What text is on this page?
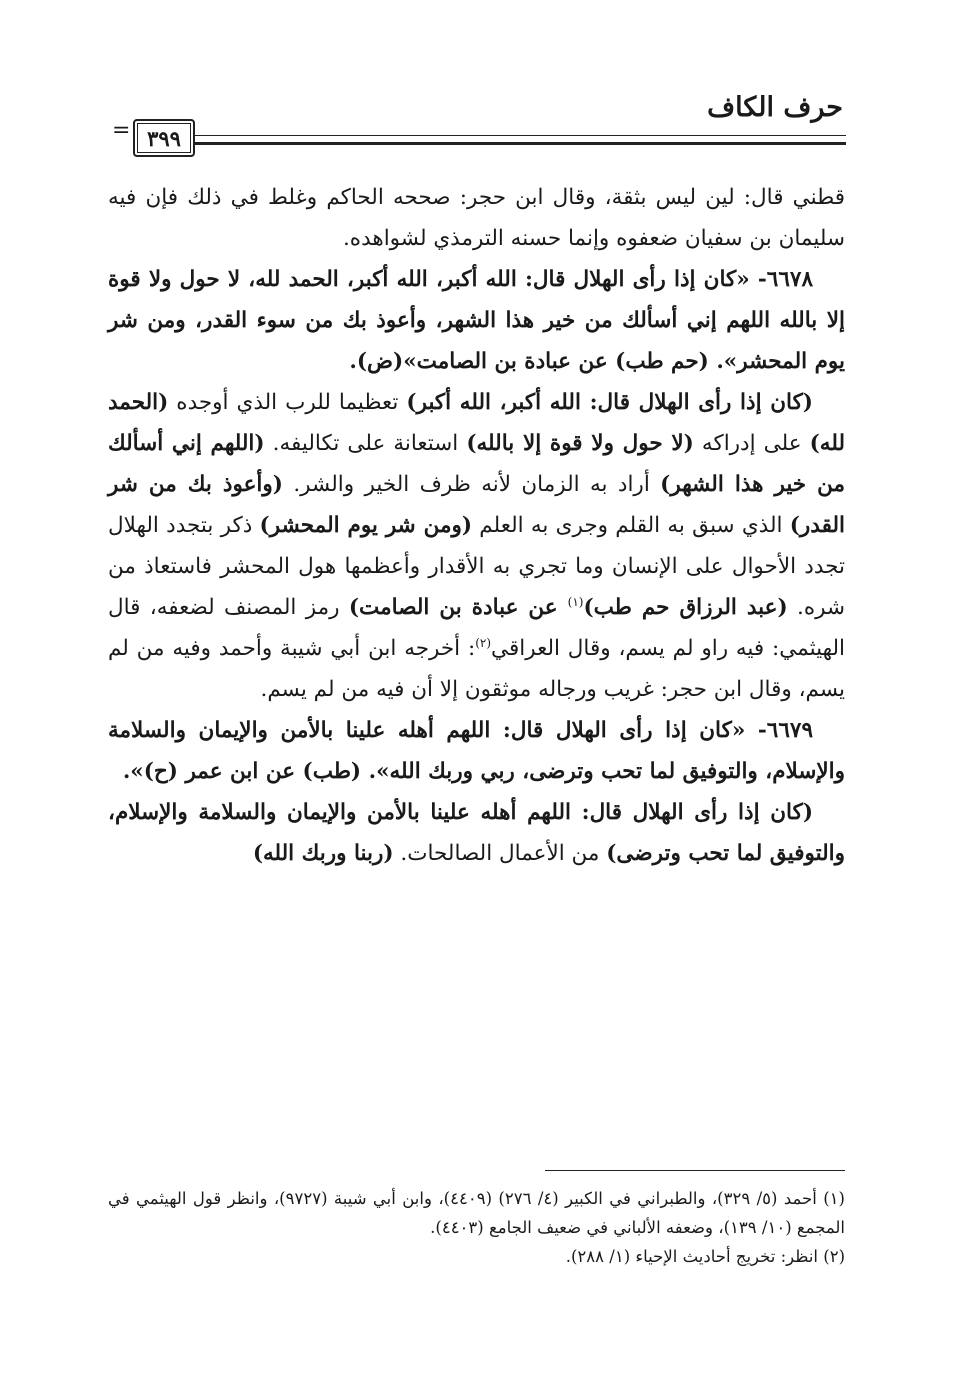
حرف الكاف
٣٩٩
=

قطني قال: لين ليس بثقة، وقال ابن حجر: صححه الحاكم وغلط في ذلك فإن فيه سليمان بن سفيان ضعفوه وإنما حسنه الترمذي لشواهده.

٦٦٧٨- «كان إذا رأى الهلال قال: الله أكبر، الله أكبر، الحمد لله، لا حول ولا قوة إلا بالله اللهم إني أسألك من خير هذا الشهر، وأعوذ بك من سوء القدر، ومن شر يوم المحشر». (حم طب) عن عبادة بن الصامت»(ض).

(كان إذا رأى الهلال قال: الله أكبر، الله أكبر) تعظيما للرب الذي أوجده (الحمد لله) على إدراكه (لا حول ولا قوة إلا بالله) استعانة على تكاليفه. (اللهم إني أسألك من خير هذا الشهر) أراد به الزمان لأنه ظرف الخير والشر. (وأعوذ بك من شر القدر) الذي سبق به القلم وجرى به العلم (ومن شر يوم المحشر) ذكر بتجدد الهلال تجدد الأحوال على الإنسان وما تجري به الأقدار وأعظمها هول المحشر فاستعاذ من شره. (عبد الرزاق حم طب)$^{(١)}$ عن عبادة بن الصامت) رمز المصنف لضعفه، قال الهيثمي: فيه راو لم يسم، وقال العراقي$^{(٢)}$: أخرجه ابن أبي شيبة وأحمد وفيه من لم يسم، وقال ابن حجر: غريب ورجاله موثقون إلا أن فيه من لم يسم.

٦٦٧٩- «كان إذا رأى الهلال قال: اللهم أهله علينا بالأمن والإيمان والسلامة والإسلام، والتوفيق لما تحب وترضى، ربي وربك الله». (طب) عن ابن عمر (ح)».

(كان إذا رأى الهلال قال: اللهم أهله علينا بالأمن والإيمان والسلامة والإسلام، والتوفيق لما تحب وترضى) من الأعمال الصالحات. (ربنا وربك الله)

(١) أحمد (٥/ ٣٢٩)، والطبراني في الكبير (٤/ ٢٧٦) (٤٤٠٩)، وابن أبي شيبة (٩٧٢٧)، وانظر قول الهيثمي في المجمع (١٠/ ١٣٩)، وضعفه الألباني في ضعيف الجامع (٤٤٠٣).

(٢) انظر: تخريج أحاديث الإحياء (١/ ٢٨٨).
